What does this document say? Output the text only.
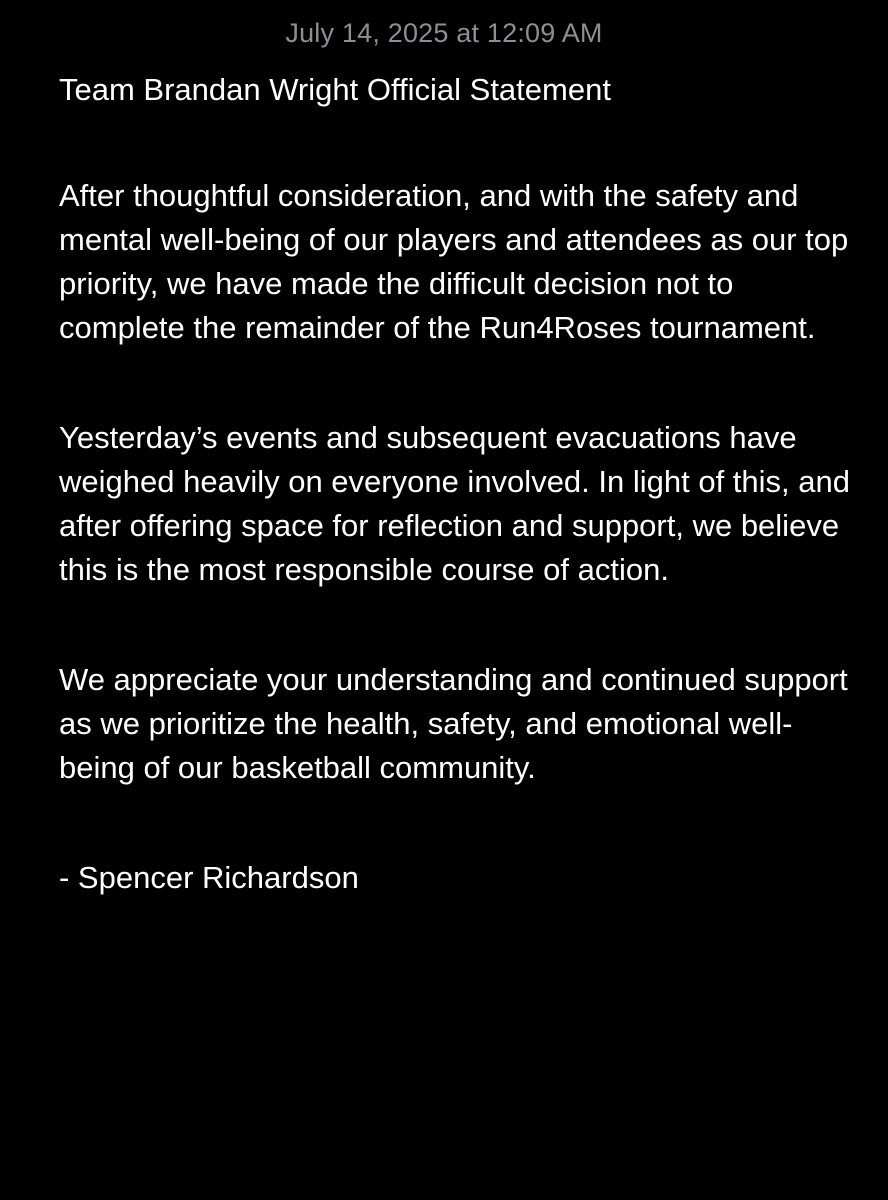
July 14, 2025 at 12:09 AM

Team Brandan Wright Official Statement

After thoughtful consideration, and with the safety and mental well-being of our players and attendees as our top priority, we have made the difficult decision not to complete the remainder of the Run4Roses tournament.

Yesterday’s events and subsequent evacuations have weighed heavily on everyone involved. In light of this, and after offering space for reflection and support, we believe this is the most responsible course of action.

We appreciate your understanding and continued support as we prioritize the health, safety, and emotional well-being of our basketball community.

- Spencer Richardson
